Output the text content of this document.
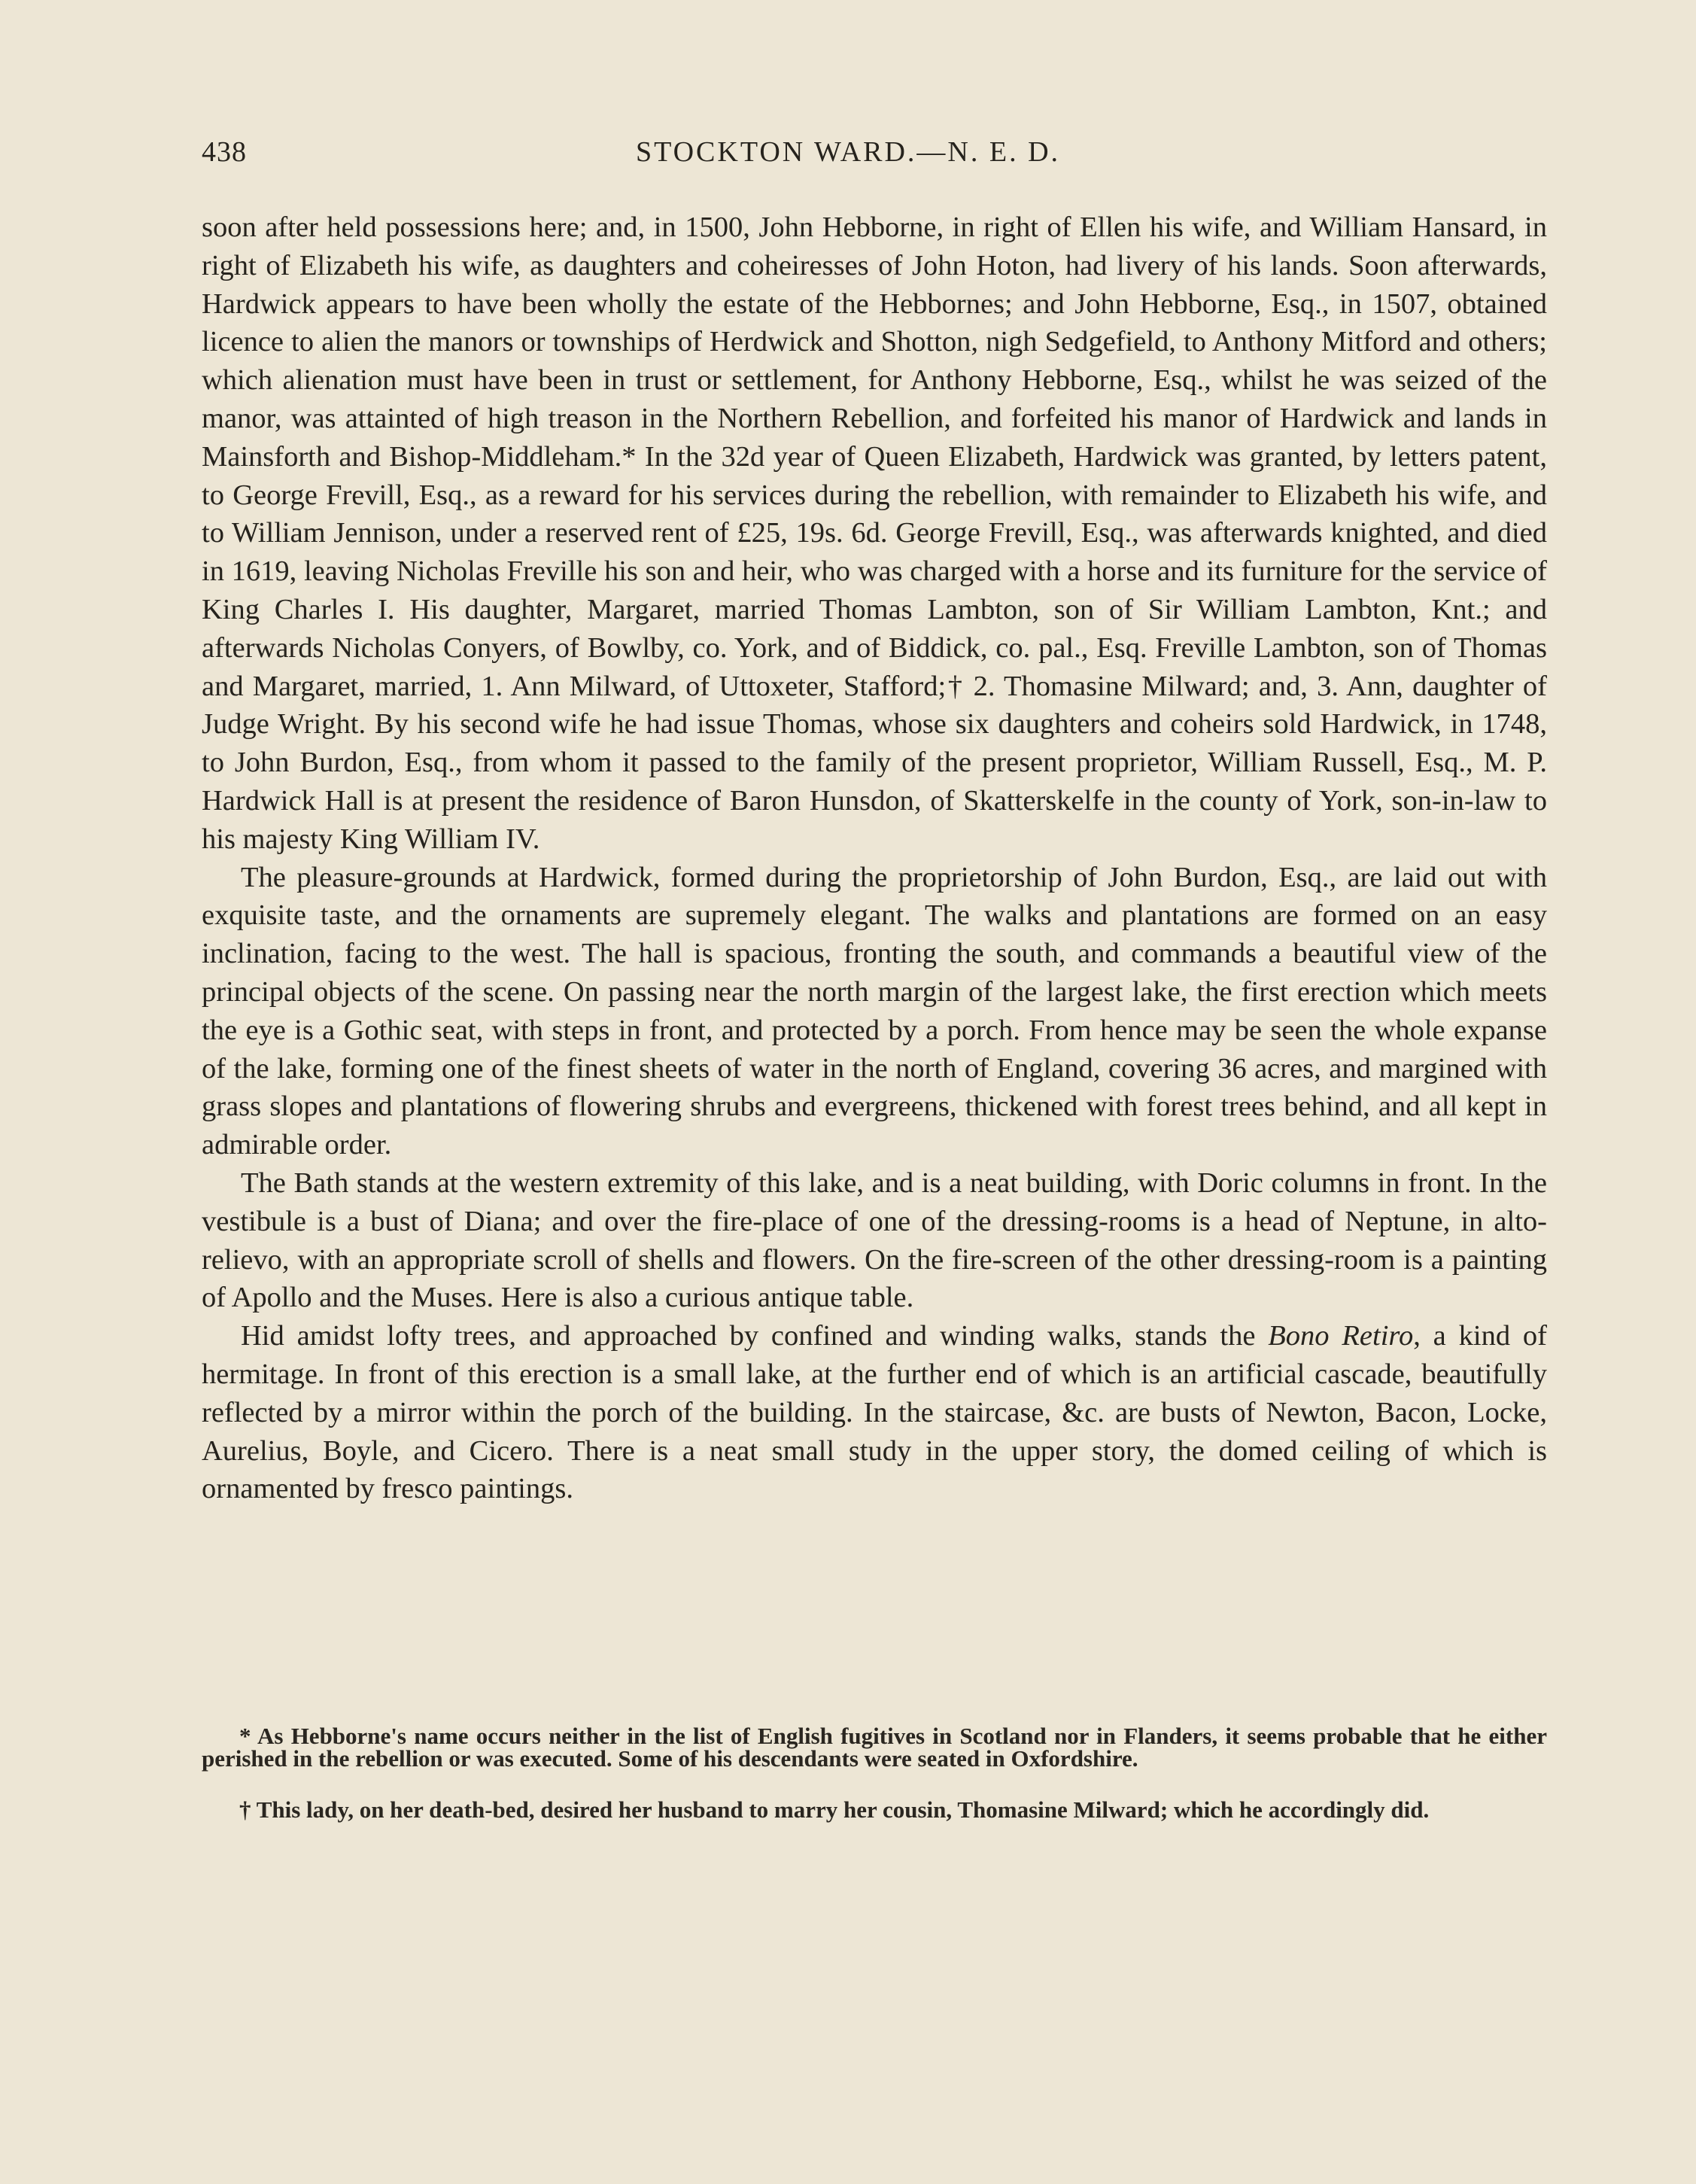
438	STOCKTON WARD.—N. E. D.

soon after held possessions here; and, in 1500, John Hebborne, in right of Ellen his wife, and William Hansard, in right of Elizabeth his wife, as daughters and coheiresses of John Hoton, had livery of his lands. Soon afterwards, Hardwick appears to have been wholly the estate of the Hebbornes; and John Hebborne, Esq., in 1507, obtained licence to alien the manors or townships of Herdwick and Shotton, nigh Sedgefield, to Anthony Mitford and others; which alienation must have been in trust or settlement, for Anthony Hebborne, Esq., whilst he was seized of the manor, was attainted of high treason in the Northern Rebellion, and forfeited his manor of Hardwick and lands in Mainsforth and Bishop-Middleham.* In the 32d year of Queen Elizabeth, Hardwick was granted, by letters patent, to George Frevill, Esq., as a reward for his services during the rebellion, with remainder to Elizabeth his wife, and to William Jennison, under a reserved rent of £25, 19s. 6d. George Frevill, Esq., was afterwards knighted, and died in 1619, leaving Nicholas Freville his son and heir, who was charged with a horse and its furniture for the service of King Charles I. His daughter, Margaret, married Thomas Lambton, son of Sir William Lambton, Knt.; and afterwards Nicholas Conyers, of Bowlby, co. York, and of Biddick, co. pal., Esq. Freville Lambton, son of Thomas and Margaret, married, 1. Ann Milward, of Uttoxeter, Stafford;† 2. Thomasine Milward; and, 3. Ann, daughter of Judge Wright. By his second wife he had issue Thomas, whose six daughters and coheirs sold Hardwick, in 1748, to John Burdon, Esq., from whom it passed to the family of the present proprietor, William Russell, Esq., M. P. Hardwick Hall is at present the residence of Baron Hunsdon, of Skatterskelfe in the county of York, son-in-law to his majesty King William IV.

The pleasure-grounds at Hardwick, formed during the proprietorship of John Burdon, Esq., are laid out with exquisite taste, and the ornaments are supremely elegant. The walks and plantations are formed on an easy inclination, facing to the west. The hall is spacious, fronting the south, and commands a beautiful view of the principal objects of the scene. On passing near the north margin of the largest lake, the first erection which meets the eye is a Gothic seat, with steps in front, and protected by a porch. From hence may be seen the whole expanse of the lake, forming one of the finest sheets of water in the north of England, covering 36 acres, and margined with grass slopes and plantations of flowering shrubs and evergreens, thickened with forest trees behind, and all kept in admirable order.

The Bath stands at the western extremity of this lake, and is a neat building, with Doric columns in front. In the vestibule is a bust of Diana; and over the fire-place of one of the dressing-rooms is a head of Neptune, in alto-relievo, with an appropriate scroll of shells and flowers. On the fire-screen of the other dressing-room is a painting of Apollo and the Muses. Here is also a curious antique table.

Hid amidst lofty trees, and approached by confined and winding walks, stands the Bono Retiro, a kind of hermitage. In front of this erection is a small lake, at the further end of which is an artificial cascade, beautifully reflected by a mirror within the porch of the building. In the staircase, &c. are busts of Newton, Bacon, Locke, Aurelius, Boyle, and Cicero. There is a neat small study in the upper story, the domed ceiling of which is ornamented by fresco paintings.

* As Hebborne's name occurs neither in the list of English fugitives in Scotland nor in Flanders, it seems probable that he either perished in the rebellion or was executed. Some of his descendants were seated in Oxfordshire.

† This lady, on her death-bed, desired her husband to marry her cousin, Thomasine Milward; which he accordingly did.
